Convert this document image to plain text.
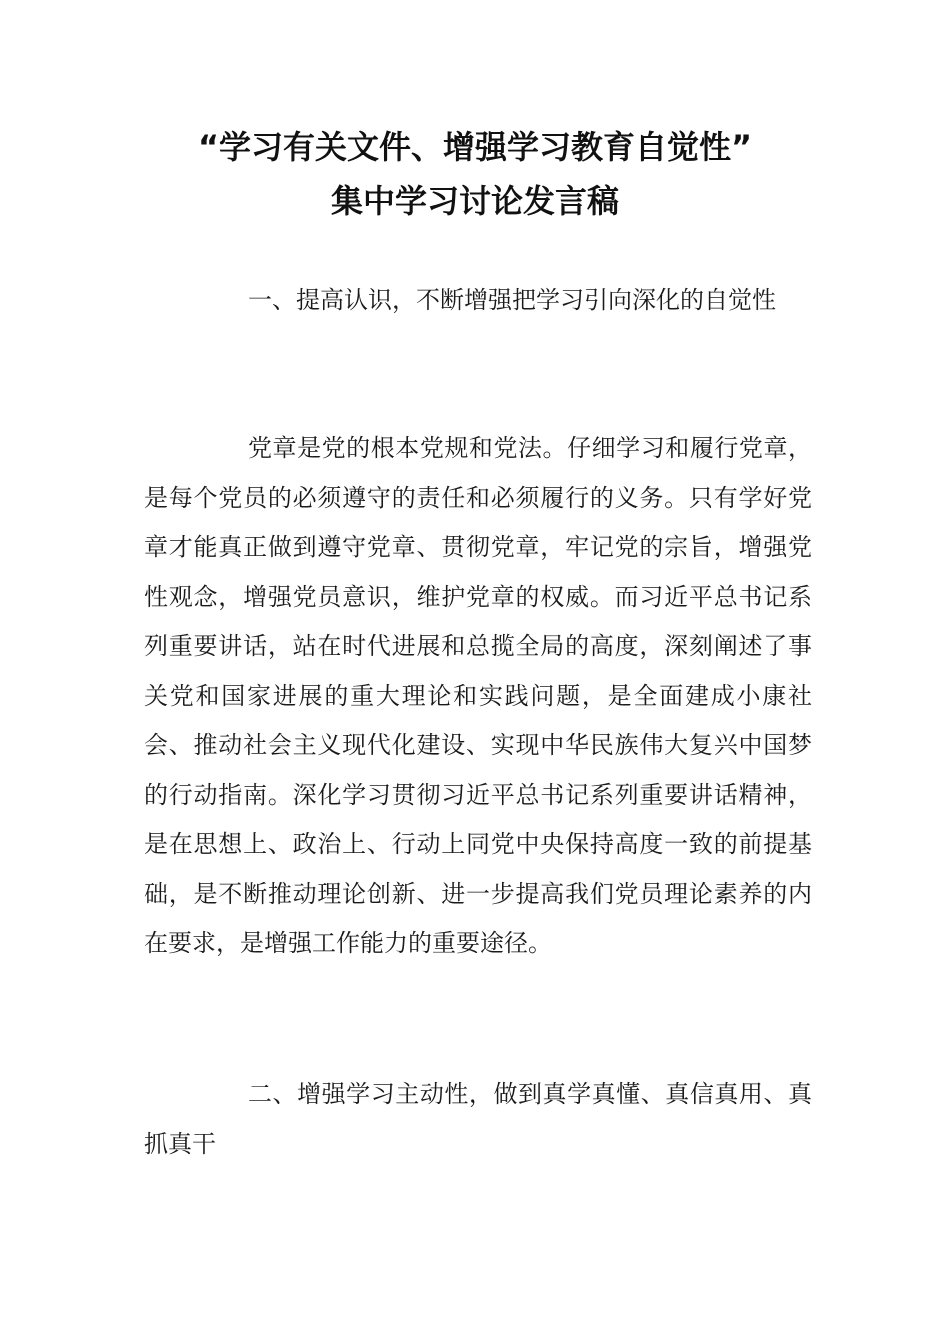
“学习有关文件、增强学习教育自觉性”
集中学习讨论发言稿

一、提高认识，不断增强把学习引向深化的自觉性

党章是党的根本党规和党法。仔细学习和履行党章，是每个党员的必须遵守的责任和必须履行的义务。只有学好党章才能真正做到遵守党章、贯彻党章，牢记党的宗旨，增强党性观念，增强党员意识，维护党章的权威。而习近平总书记系列重要讲话，站在时代进展和总揽全局的高度，深刻阐述了事关党和国家进展的重大理论和实践问题，是全面建成小康社会、推动社会主义现代化建设、实现中华民族伟大复兴中国梦的行动指南。深化学习贯彻习近平总书记系列重要讲话精神，是在思想上、政治上、行动上同党中央保持高度一致的前提基础，是不断推动理论创新、进一步提高我们党员理论素养的内在要求，是增强工作能力的重要途径。

二、增强学习主动性，做到真学真懂、真信真用、真抓真干
